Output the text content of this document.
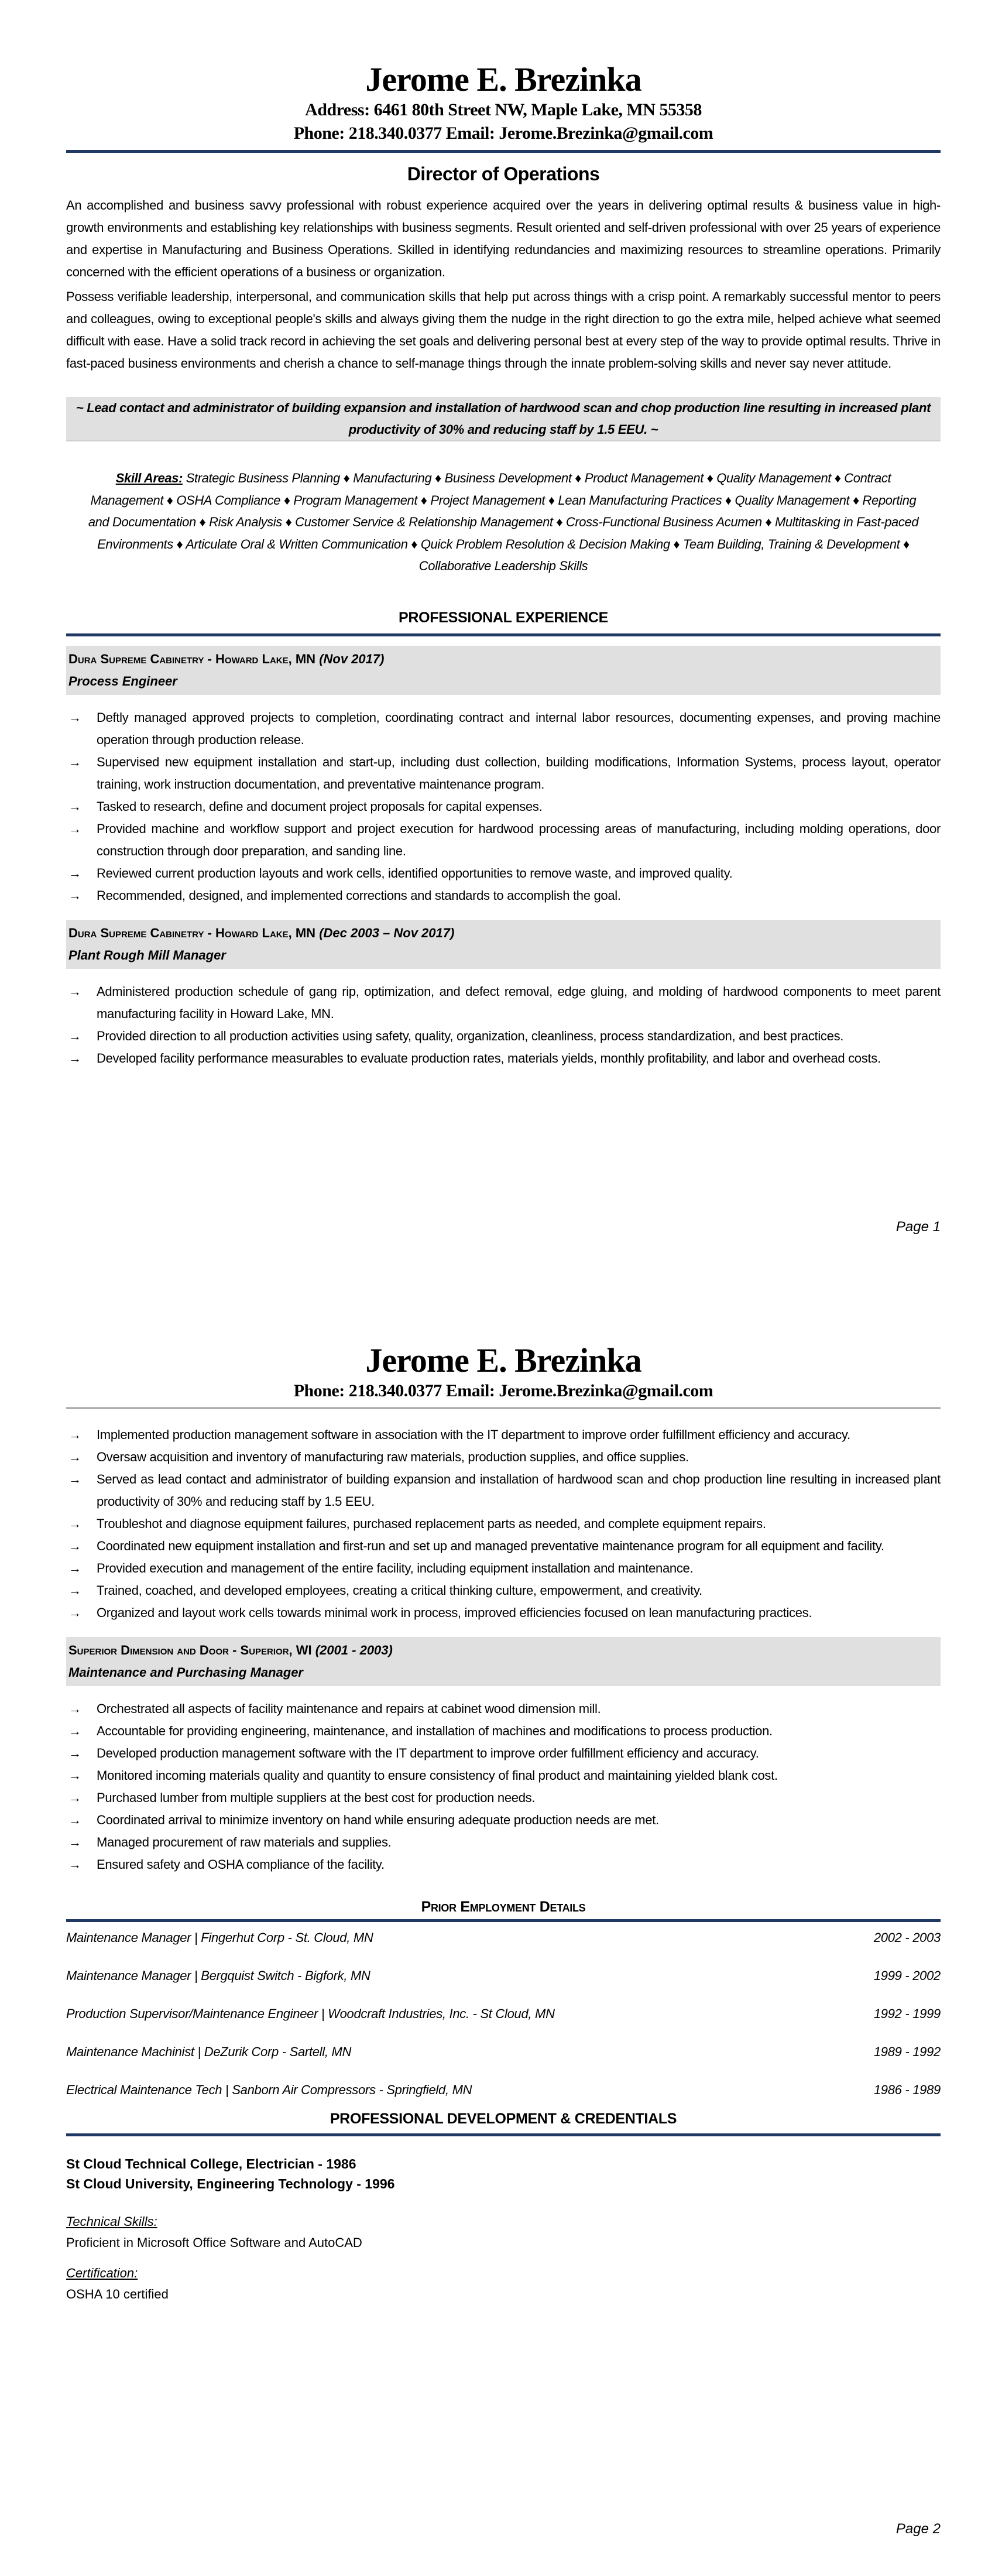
Jerome E. Brezinka
Address: 6461 80th Street NW, Maple Lake, MN 55358
Phone: 218.340.0377 Email: Jerome.Brezinka@gmail.com
Director of Operations

An accomplished and business savvy professional with robust experience acquired over the years in delivering optimal results & business value in high-growth environments and establishing key relationships with business segments. Result oriented and self-driven professional with over 25 years of experience and expertise in Manufacturing and Business Operations. Skilled in identifying redundancies and maximizing resources to streamline operations. Primarily concerned with the efficient operations of a business or organization.

Possess verifiable leadership, interpersonal, and communication skills that help put across things with a crisp point. A remarkably successful mentor to peers and colleagues, owing to exceptional people's skills and always giving them the nudge in the right direction to go the extra mile, helped achieve what seemed difficult with ease. Have a solid track record in achieving the set goals and delivering personal best at every step of the way to provide optimal results. Thrive in fast-paced business environments and cherish a chance to self-manage things through the innate problem-solving skills and never say never attitude.

~ Lead contact and administrator of building expansion and installation of hardwood scan and chop production line resulting in increased plant productivity of 30% and reducing staff by 1.5 EEU. ~
Skill Areas: Strategic Business Planning ♦ Manufacturing ♦ Business Development ♦ Product Management ♦ Quality Management ♦ Contract Management ♦ OSHA Compliance ♦ Program Management ♦ Project Management ♦ Lean Manufacturing Practices ♦ Quality Management ♦ Reporting and Documentation ♦ Risk Analysis ♦ Customer Service & Relationship Management ♦ Cross-Functional Business Acumen ♦ Multitasking in Fast-paced Environments ♦ Articulate Oral & Written Communication ♦ Quick Problem Resolution & Decision Making ♦ Team Building, Training & Development ♦ Collaborative Leadership Skills
PROFESSIONAL EXPERIENCE
Dura Supreme Cabinetry - Howard Lake, MN (Nov 2017)
Process Engineer
→ Deftly managed approved projects to completion, coordinating contract and internal labor resources, documenting expenses, and proving machine operation through production release.
→ Supervised new equipment installation and start-up, including dust collection, building modifications, Information Systems, process layout, operator training, work instruction documentation, and preventative maintenance program.
→ Tasked to research, define and document project proposals for capital expenses.
→ Provided machine and workflow support and project execution for hardwood processing areas of manufacturing, including molding operations, door construction through door preparation, and sanding line.
→ Reviewed current production layouts and work cells, identified opportunities to remove waste, and improved quality.
→ Recommended, designed, and implemented corrections and standards to accomplish the goal.
Dura Supreme Cabinetry - Howard Lake, MN (Dec 2003 – Nov 2017)
Plant Rough Mill Manager
→ Administered production schedule of gang rip, optimization, and defect removal, edge gluing, and molding of hardwood components to meet parent manufacturing facility in Howard Lake, MN.
→ Provided direction to all production activities using safety, quality, organization, cleanliness, process standardization, and best practices.
→ Developed facility performance measurables to evaluate production rates, materials yields, monthly profitability, and labor and overhead costs.
Page 1
Jerome E. Brezinka
Phone: 218.340.0377 Email: Jerome.Brezinka@gmail.com
→ Implemented production management software in association with the IT department to improve order fulfillment efficiency and accuracy.
→ Oversaw acquisition and inventory of manufacturing raw materials, production supplies, and office supplies.
→ Served as lead contact and administrator of building expansion and installation of hardwood scan and chop production line resulting in increased plant productivity of 30% and reducing staff by 1.5 EEU.
→ Troubleshot and diagnose equipment failures, purchased replacement parts as needed, and complete equipment repairs.
→ Coordinated new equipment installation and first-run and set up and managed preventative maintenance program for all equipment and facility.
→ Provided execution and management of the entire facility, including equipment installation and maintenance.
→ Trained, coached, and developed employees, creating a critical thinking culture, empowerment, and creativity.
→ Organized and layout work cells towards minimal work in process, improved efficiencies focused on lean manufacturing practices.
Superior Dimension and Door - Superior, WI (2001 - 2003)
Maintenance and Purchasing Manager
→ Orchestrated all aspects of facility maintenance and repairs at cabinet wood dimension mill.
→ Accountable for providing engineering, maintenance, and installation of machines and modifications to process production.
→ Developed production management software with the IT department to improve order fulfillment efficiency and accuracy.
→ Monitored incoming materials quality and quantity to ensure consistency of final product and maintaining yielded blank cost.
→ Purchased lumber from multiple suppliers at the best cost for production needs.
→ Coordinated arrival to minimize inventory on hand while ensuring adequate production needs are met.
→ Managed procurement of raw materials and supplies.
→ Ensured safety and OSHA compliance of the facility.
Prior Employment Details
Maintenance Manager | Fingerhut Corp - St. Cloud, MN	2002 - 2003
Maintenance Manager | Bergquist Switch - Bigfork, MN	1999 - 2002
Production Supervisor/Maintenance Engineer | Woodcraft Industries, Inc. - St Cloud, MN	1992 - 1999
Maintenance Machinist | DeZurik Corp - Sartell, MN	1989 - 1992
Electrical Maintenance Tech | Sanborn Air Compressors - Springfield, MN	1986 - 1989
PROFESSIONAL DEVELOPMENT & CREDENTIALS
St Cloud Technical College, Electrician - 1986
St Cloud University, Engineering Technology - 1996
Technical Skills:
Proficient in Microsoft Office Software and AutoCAD
Certification:
OSHA 10 certified
Page 2
